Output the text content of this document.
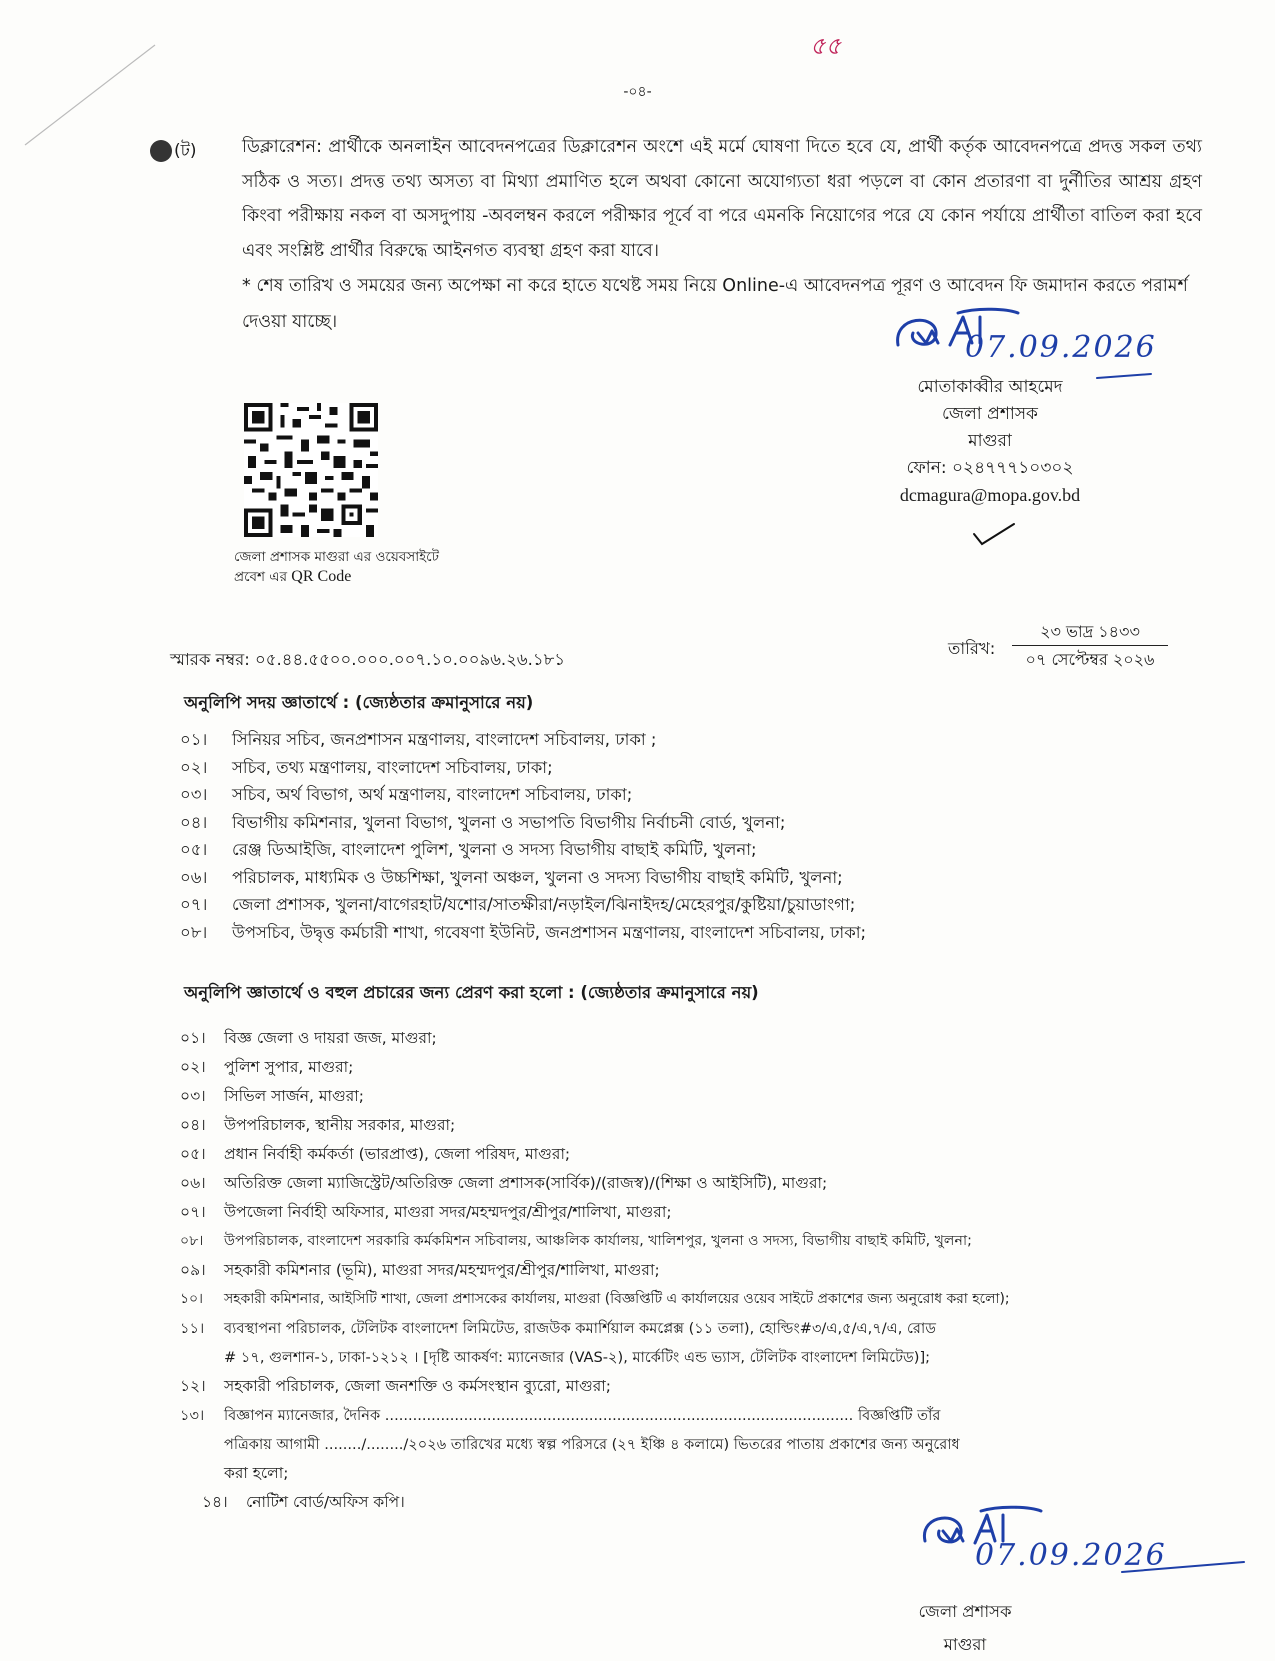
-০৪-
৫৫
(ট)	ডিক্লারেশন: প্রার্থীকে অনলাইন আবেদনপত্রের ডিক্লারেশন অংশে এই মর্মে ঘোষণা দিতে হবে যে, প্রার্থী কর্তৃক আবেদনপত্রে প্রদত্ত সকল তথ্য সঠিক ও সত্য। প্রদত্ত তথ্য অসত্য বা মিথ্যা প্রমাণিত হলে অথবা কোনো অযোগ্যতা ধরা পড়লে বা কোন প্রতারণা বা দুর্নীতির আশ্রয় গ্রহণ কিংবা পরীক্ষায় নকল বা অসদুপায় -অবলম্বন করলে পরীক্ষার পূর্বে বা পরে এমনকি নিয়োগের পরে যে কোন পর্যায়ে প্রার্থীতা বাতিল করা হবে এবং সংশ্লিষ্ট প্রার্থীর বিরুদ্ধে আইনগত ব্যবস্থা গ্রহণ করা যাবে।
* শেষ তারিখ ও সময়ের জন্য অপেক্ষা না করে হাতে যথেষ্ট সময় নিয়ে Online-এ আবেদনপত্র পূরণ ও আবেদন ফি জমাদান করতে পরামর্শ দেওয়া যাচ্ছে।
07.09.2026
মোতাকাব্বীর আহমেদ
জেলা প্রশাসক
মাগুরা
ফোন: ০২৪৭৭৭১০৩০২
dcmagura@mopa.gov.bd
জেলা প্রশাসক মাগুরা এর ওয়েবসাইটে
প্রবেশ এর QR Code
স্মারক নম্বর: ০৫.৪৪.৫৫০০.০০০.০০৭.১০.০০৯৬.২৬.১৮১
তারিখ:
২৩ ভাদ্র ১৪৩৩
০৭ সেপ্টেম্বর ২০২৬
অনুলিপি সদয় জ্ঞাতার্থে : (জ্যেষ্ঠতার ক্রমানুসারে নয়)
০১। সিনিয়র সচিব, জনপ্রশাসন মন্ত্রণালয়, বাংলাদেশ সচিবালয়, ঢাকা ;
০২। সচিব, তথ্য মন্ত্রণালয়, বাংলাদেশ সচিবালয়, ঢাকা;
০৩। সচিব, অর্থ বিভাগ, অর্থ মন্ত্রণালয়, বাংলাদেশ সচিবালয়, ঢাকা;
০৪। বিভাগীয় কমিশনার, খুলনা বিভাগ, খুলনা ও সভাপতি বিভাগীয় নির্বাচনী বোর্ড, খুলনা;
০৫। রেঞ্জ ডিআইজি, বাংলাদেশ পুলিশ, খুলনা ও সদস্য বিভাগীয় বাছাই কমিটি, খুলনা;
০৬। পরিচালক, মাধ্যমিক ও উচ্চশিক্ষা, খুলনা অঞ্চল, খুলনা ও সদস্য বিভাগীয় বাছাই কমিটি, খুলনা;
০৭। জেলা প্রশাসক, খুলনা/বাগেরহাট/যশোর/সাতক্ষীরা/নড়াইল/ঝিনাইদহ/মেহেরপুর/কুষ্টিয়া/চুয়াডাংগা;
০৮। উপসচিব, উদ্বৃত্ত কর্মচারী শাখা, গবেষণা ইউনিট, জনপ্রশাসন মন্ত্রণালয়, বাংলাদেশ সচিবালয়, ঢাকা;
অনুলিপি জ্ঞাতার্থে ও বহুল প্রচারের জন্য প্রেরণ করা হলো : (জ্যেষ্ঠতার ক্রমানুসারে নয়)
০১। বিজ্ঞ জেলা ও দায়রা জজ, মাগুরা;
০২। পুলিশ সুপার, মাগুরা;
০৩। সিভিল সার্জন, মাগুরা;
০৪। উপপরিচালক, স্থানীয় সরকার, মাগুরা;
০৫। প্রধান নির্বাহী কর্মকর্তা (ভারপ্রাপ্ত), জেলা পরিষদ, মাগুরা;
০৬। অতিরিক্ত জেলা ম্যাজিস্ট্রেট/অতিরিক্ত জেলা প্রশাসক(সার্বিক)/(রাজস্ব)/(শিক্ষা ও আইসিটি), মাগুরা;
০৭। উপজেলা নির্বাহী অফিসার, মাগুরা সদর/মহম্মদপুর/শ্রীপুর/শালিখা, মাগুরা;
০৮। উপপরিচালক, বাংলাদেশ সরকারি কর্মকমিশন সচিবালয়, আঞ্চলিক কার্যালয়, খালিশপুর, খুলনা ও সদস্য, বিভাগীয় বাছাই কমিটি, খুলনা;
০৯। সহকারী কমিশনার (ভূমি), মাগুরা সদর/মহম্মদপুর/শ্রীপুর/শালিখা, মাগুরা;
১০। সহকারী কমিশনার, আইসিটি শাখা, জেলা প্রশাসকের কার্যালয়, মাগুরা (বিজ্ঞপ্তিটি এ কার্যালয়ের ওয়েব সাইটে প্রকাশের জন্য অনুরোধ করা হলো);
১১। ব্যবস্থাপনা পরিচালক, টেলিটক বাংলাদেশ লিমিটেড, রাজউক কমার্শিয়াল কমপ্লেক্স (১১ তলা), হোল্ডিং#৩/এ,৫/এ,৭/এ, রোড
# ১৭, গুলশান-১, ঢাকা-১২১২ । [দৃষ্টি আকর্ষণ: ম্যানেজার (VAS-২), মার্কেটিং এন্ড ভ্যাস, টেলিটক বাংলাদেশ লিমিটেড)];
১২। সহকারী পরিচালক, জেলা জনশক্তি ও কর্মসংস্থান ব্যুরো, মাগুরা;
১৩। বিজ্ঞাপন ম্যানেজার, দৈনিক ..................................................................................................... বিজ্ঞপ্তিটি তাঁর
পত্রিকায় আগামী ......../......../২০২৬ তারিখের মধ্যে স্বল্প পরিসরে (২৭ ইঞ্চি ৪ কলামে) ভিতরের পাতায় প্রকাশের জন্য অনুরোধ
করা হলো;
১৪। নোটিশ বোর্ড/অফিস কপি।
07.09.2026
জেলা প্রশাসক
মাগুরা
